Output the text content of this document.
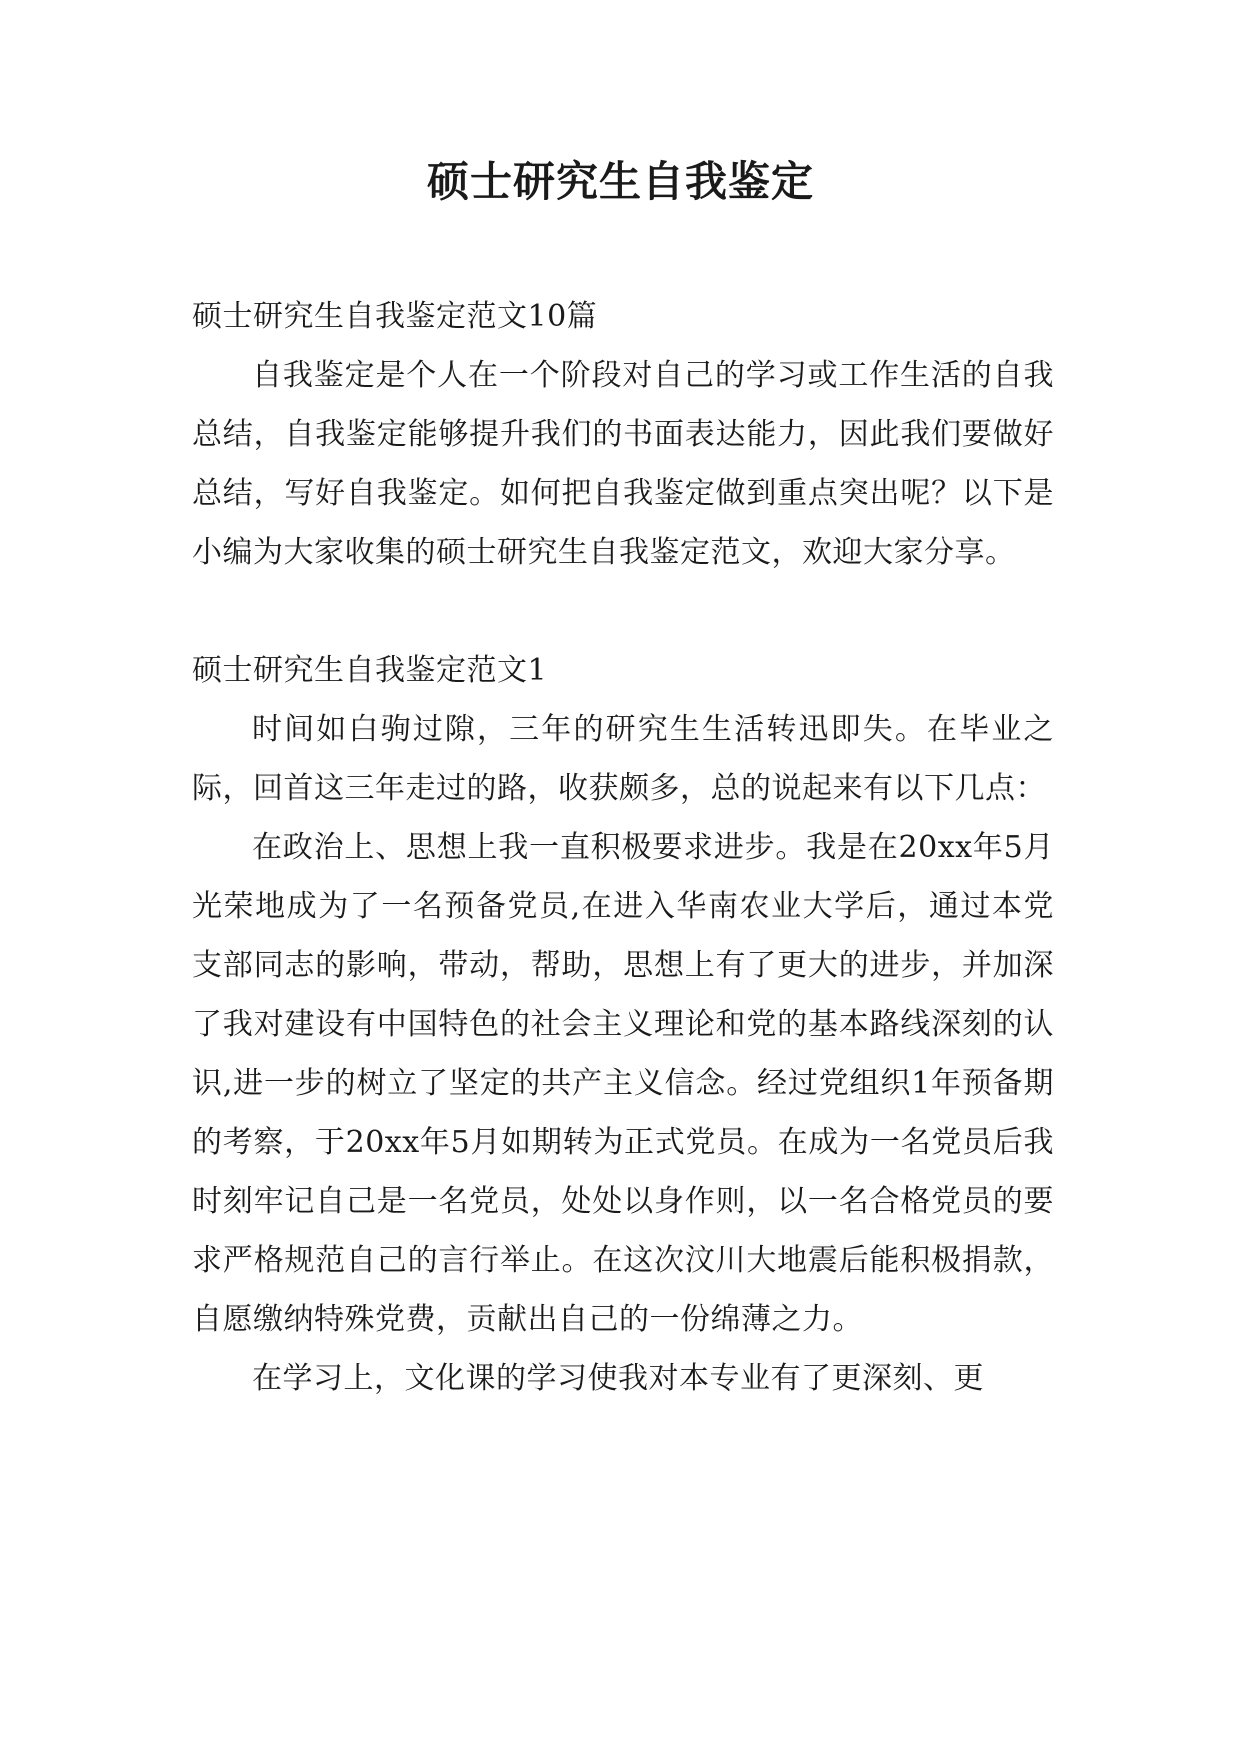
硕士研究生自我鉴定

硕士研究生自我鉴定范文10篇

自我鉴定是个人在一个阶段对自己的学习或工作生活的自我总结，自我鉴定能够提升我们的书面表达能力，因此我们要做好总结，写好自我鉴定。如何把自我鉴定做到重点突出呢？以下是小编为大家收集的硕士研究生自我鉴定范文，欢迎大家分享。

硕士研究生自我鉴定范文1

时间如白驹过隙，三年的研究生生活转迅即失。在毕业之际，回首这三年走过的路，收获颇多，总的说起来有以下几点：

在政治上、思想上我一直积极要求进步。我是在20xx年5月光荣地成为了一名预备党员,在进入华南农业大学后，通过本党支部同志的影响，带动，帮助，思想上有了更大的进步，并加深了我对建设有中国特色的社会主义理论和党的基本路线深刻的认识,进一步的树立了坚定的共产主义信念。经过党组织1年预备期的考察，于20xx年5月如期转为正式党员。在成为一名党员后我时刻牢记自己是一名党员，处处以身作则，以一名合格党员的要求严格规范自己的言行举止。在这次汶川大地震后能积极捐款，自愿缴纳特殊党费，贡献出自己的一份绵薄之力。

在学习上，文化课的学习使我对本专业有了更深刻、更
